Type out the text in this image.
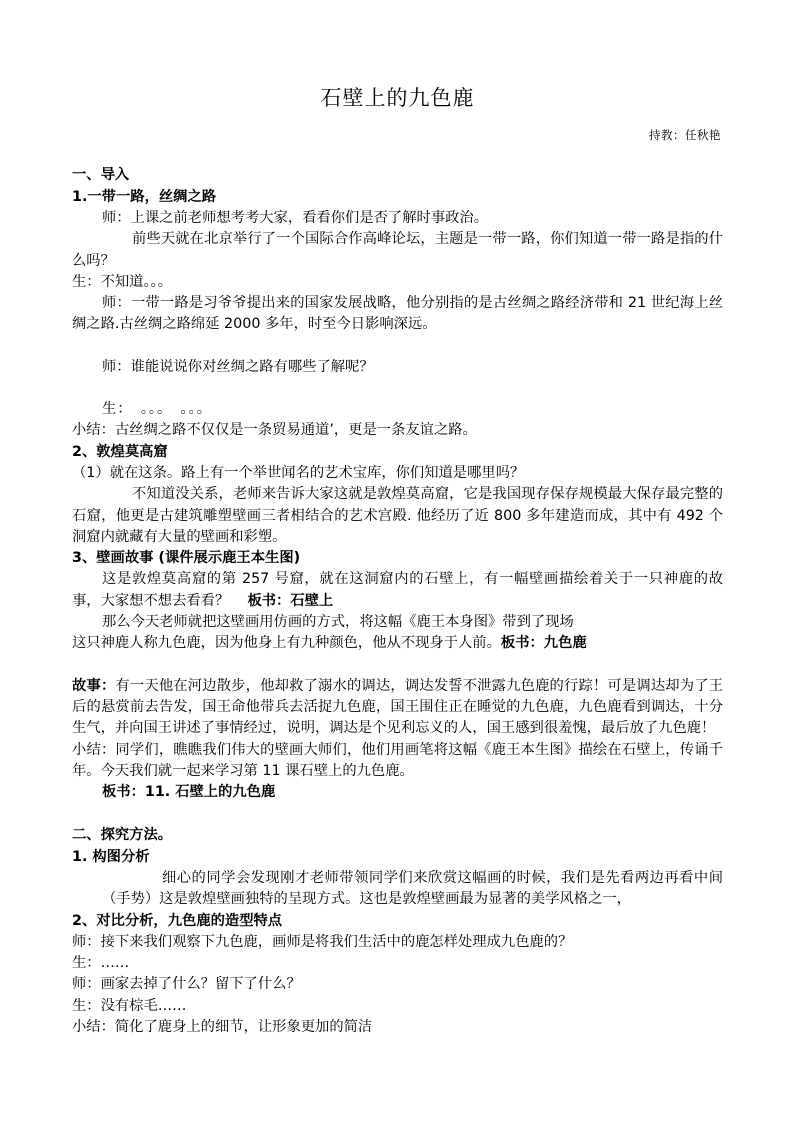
石壁上的九色鹿
持教：任秋艳

一、导入

1.一带一路，丝绸之路

师：上课之前老师想考考大家，看看你们是否了解时事政治。

前些天就在北京举行了一个国际合作高峰论坛，主题是一带一路，你们知道一带一路是指的什么吗？

生：不知道。。。

师：一带一路是习爷爷提出来的国家发展战略，他分别指的是古丝绸之路经济带和 21 世纪海上丝绸之路.古丝绸之路绵延 2000 多年，时至今日影响深远。

师：谁能说说你对丝绸之路有哪些了解呢？

生：　。。。　。。。

小结：古丝绸之路不仅仅是一条贸易通道’，更是一条友谊之路。

2、敦煌莫高窟

（1）就在这条。路上有一个举世闻名的艺术宝库，你们知道是哪里吗？

不知道没关系，老师来告诉大家这就是敦煌莫高窟，它是我国现存保存规模最大保存最完整的石窟，他更是古建筑雕塑壁画三者相结合的艺术宫殿. 他经历了近 800 多年建造而成，其中有 492 个洞窟内就藏有大量的壁画和彩塑。

3、壁画故事 (课件展示鹿王本生图)

这是敦煌莫高窟的第 257 号窟，就在这洞窟内的石壁上，有一幅壁画描绘着关于一只神鹿的故事，大家想不想去看看？ 板书：石壁上

那么今天老师就把这壁画用仿画的方式，将这幅《鹿王本身图》带到了现场

这只神鹿人称九色鹿，因为他身上有九种颜色，他从不现身于人前。板书：九色鹿

故事：有一天他在河边散步，他却救了溺水的调达，调达发誓不泄露九色鹿的行踪！可是调达却为了王后的悬赏前去告发，国王命他带兵去活捉九色鹿，国王围住正在睡觉的九色鹿，九色鹿看到调达，十分生气，并向国王讲述了事情经过，说明，调达是个见利忘义的人，国王感到很羞愧，最后放了九色鹿！

小结：同学们，瞧瞧我们伟大的壁画大师们，他们用画笔将这幅《鹿王本生图》描绘在石壁上，传诵千年。今天我们就一起来学习第 11 课石壁上的九色鹿。

板书：11. 石壁上的九色鹿

二、探究方法。

1. 构图分析

细心的同学会发现刚才老师带领同学们来欣赏这幅画的时候，我们是先看两边再看中间（手势）这是敦煌壁画独特的呈现方式。这也是敦煌壁画最为显著的美学风格之一，

2、对比分析，九色鹿的造型特点

师：接下来我们观察下九色鹿，画师是将我们生活中的鹿怎样处理成九色鹿的？

生：……

师：画家去掉了什么？留下了什么？

生：没有棕毛……

小结：简化了鹿身上的细节，让形象更加的简洁
